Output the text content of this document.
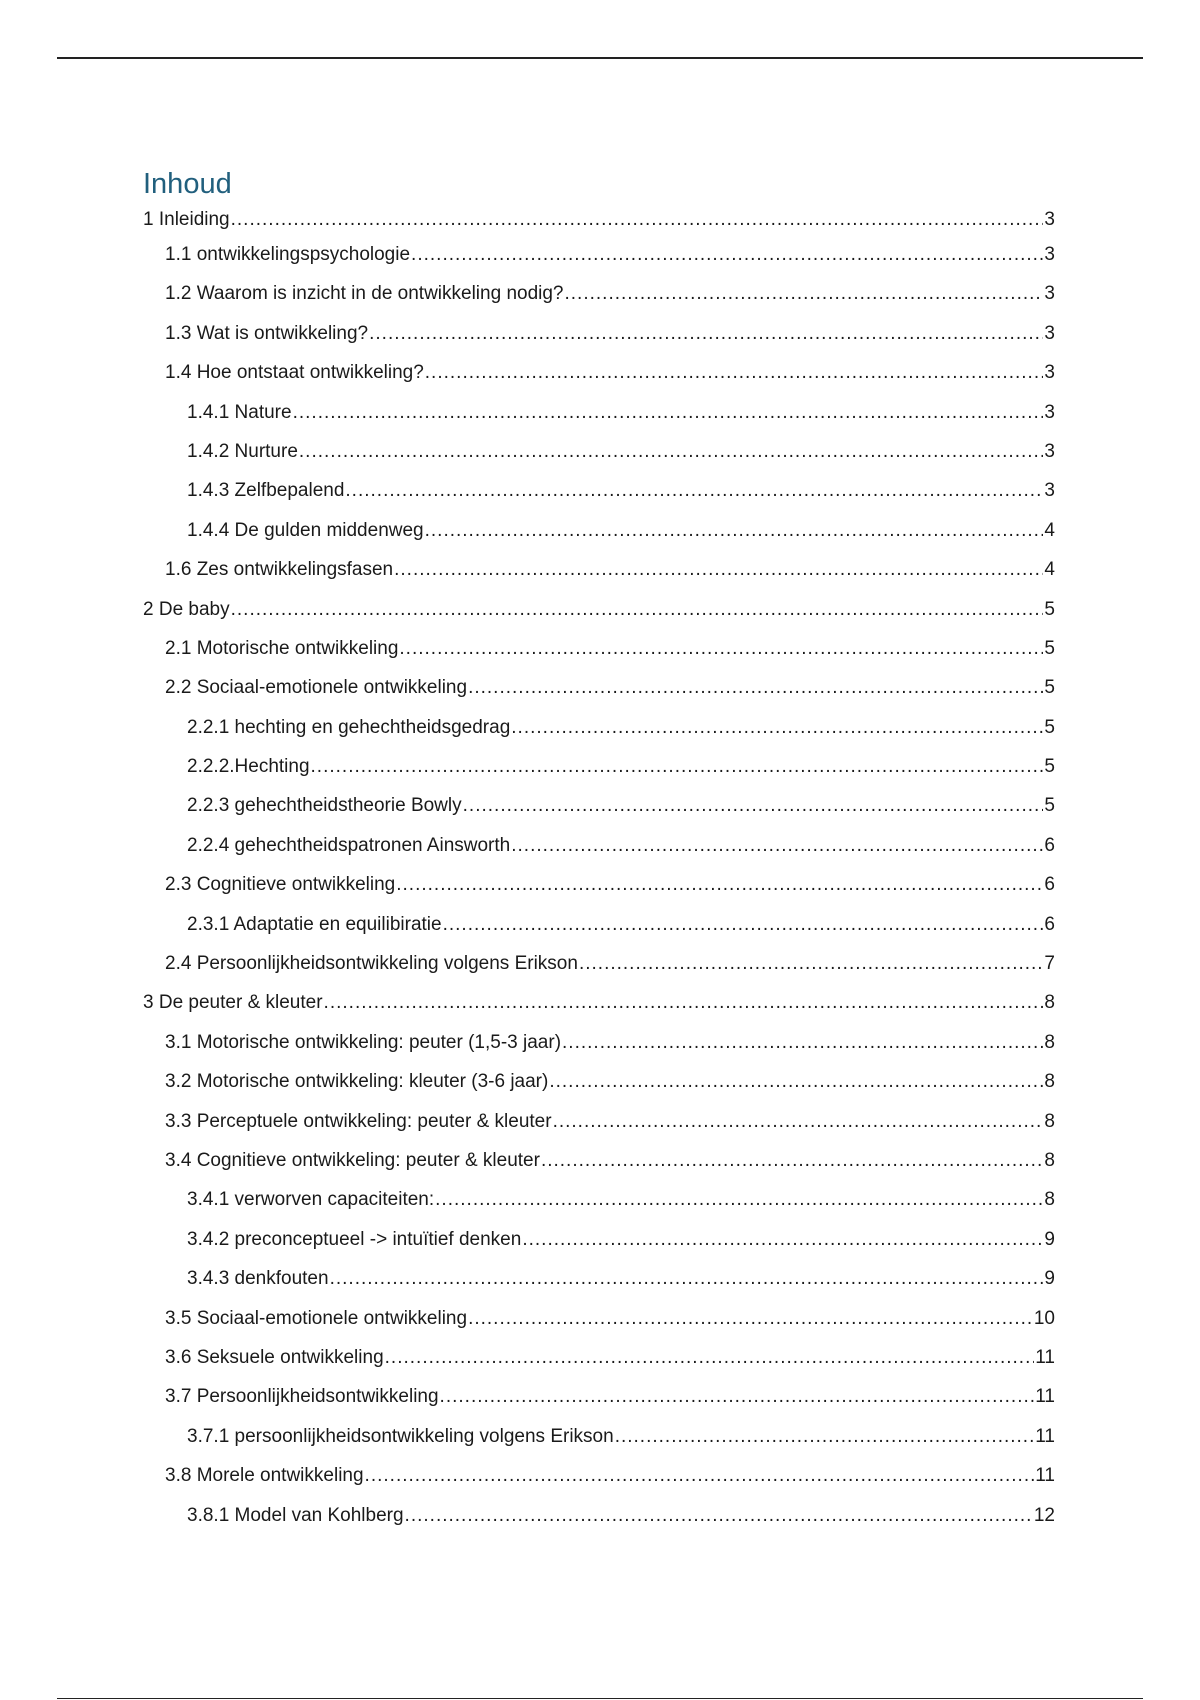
Inhoud
1 Inleiding .....	3
1.1 ontwikkelingspsychologie .....	3
1.2 Waarom is inzicht in de ontwikkeling nodig? .....	3
1.3 Wat is ontwikkeling? .....	3
1.4 Hoe ontstaat ontwikkeling? .....	3
1.4.1 Nature .....	3
1.4.2 Nurture .....	3
1.4.3 Zelfbepalend .....	3
1.4.4 De gulden middenweg .....	4
1.6 Zes ontwikkelingsfasen .....	4
2 De baby .....	5
2.1 Motorische ontwikkeling .....	5
2.2 Sociaal-emotionele ontwikkeling .....	5
2.2.1 hechting en gehechtheidsgedrag .....	5
2.2.2.Hechting .....	5
2.2.3 gehechtheidstheorie Bowly .....	5
2.2.4 gehechtheidspatronen Ainsworth .....	6
2.3 Cognitieve ontwikkeling .....	6
2.3.1 Adaptatie en equilibiratie .....	6
2.4 Persoonlijkheidsontwikkeling volgens Erikson .....	7
3 De peuter & kleuter .....	8
3.1 Motorische ontwikkeling: peuter (1,5-3 jaar) .....	8
3.2 Motorische ontwikkeling: kleuter (3-6 jaar) .....	8
3.3 Perceptuele ontwikkeling: peuter & kleuter .....	8
3.4 Cognitieve ontwikkeling: peuter & kleuter .....	8
3.4.1 verworven capaciteiten: .....	8
3.4.2 preconceptueel -> intuïtief denken .....	9
3.4.3 denkfouten .....	9
3.5 Sociaal-emotionele ontwikkeling .....	10
3.6 Seksuele ontwikkeling .....	11
3.7 Persoonlijkheidsontwikkeling .....	11
3.7.1 persoonlijkheidsontwikkeling volgens Erikson .....	11
3.8 Morele ontwikkeling .....	11
3.8.1 Model van Kohlberg .....	12
